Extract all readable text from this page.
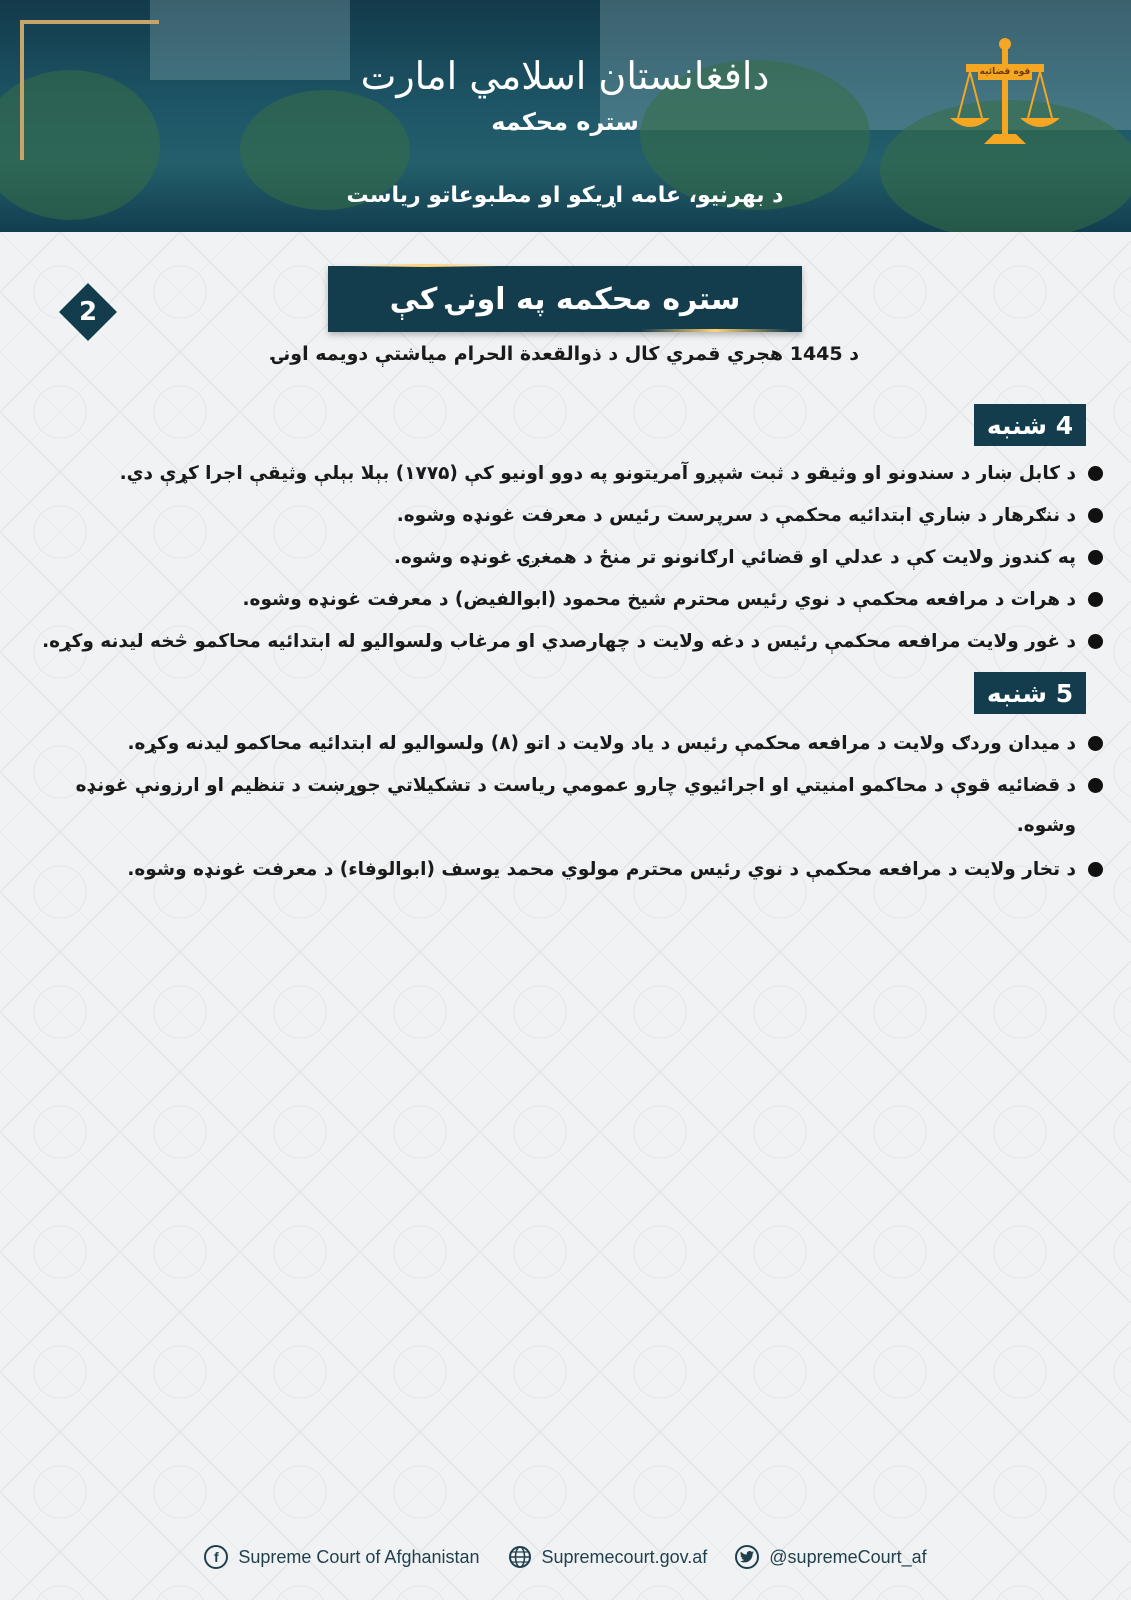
دافغانستان اسلامي امارت
ستره محکمه
د بهرنيو، عامه اړيکو او مطبوعاتو رياست
قوه قضائيه
ستره محکمه په اونۍ کې
2
د 1445 هجري قمري کال د ذوالقعدة الحرام مياشتې دويمه اونۍ
4 شنبه
د کابل ښار د سندونو او وثيقو د ثبت شپږو آمريتونو په دوو اونيو کې (۱۷۷۵) بېلا بېلې وثيقې اجرا کړې دي.
د ننګرهار د ښاري ابتدائيه محکمې د سرپرست رئيس د معرفت غونډه وشوه.
په کندوز ولايت کې د عدلي او قضائي ارګانونو تر منځ د همغږۍ غونډه وشوه.
د هرات د مرافعه محکمې د نوي رئيس محترم شيخ محمود (ابوالفيض) د معرفت غونډه وشوه.
د غور ولايت مرافعه محکمې رئيس د دغه ولايت د چهارصدي او مرغاب ولسواليو له ابتدائيه محاکمو څخه ليدنه وکړه.
5 شنبه
د ميدان وردګ ولايت د مرافعه محکمې رئيس د ياد ولايت د اتو (۸) ولسواليو له ابتدائيه محاکمو ليدنه وکړه.
د قضائيه قوې د محاکمو امنيتي او اجرائيوي چارو عمومي رياست د تشکيلاتي جوړښت د تنظيم او ارزونې غونډه وشوه.
د تخار ولايت د مرافعه محکمې د نوي رئيس محترم مولوي محمد يوسف (ابوالوفاء) د معرفت غونډه وشوه.
f	Supreme Court of Afghanistan	Supremecourt.gov.af	@supremeCourt_af
